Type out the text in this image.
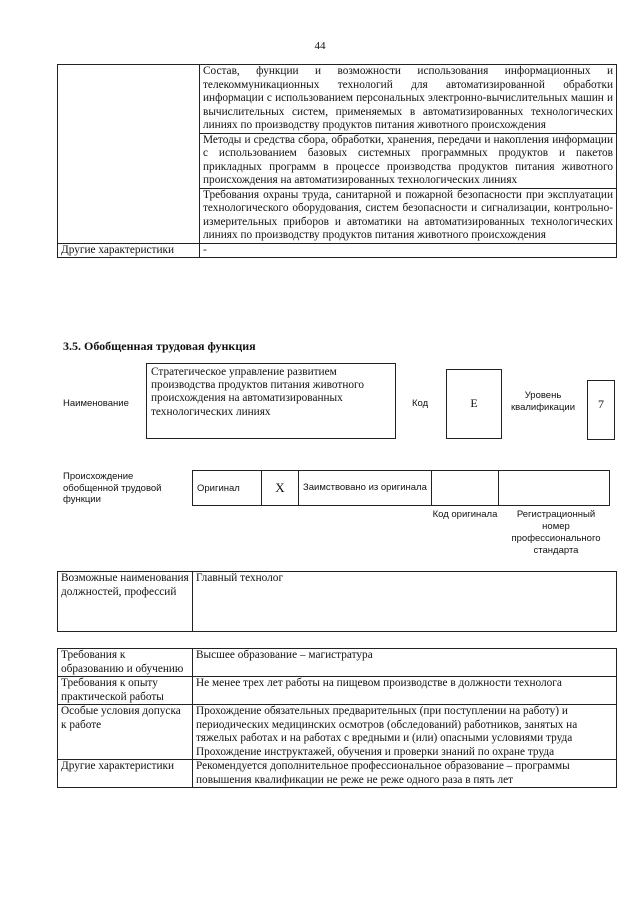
44
	Состав, функции и возможности использования информационных и телекоммуникационных технологий для автоматизированной обработки информации с использованием персональных электронно-вычислительных машин и вычислительных систем, применяемых в автоматизированных технологических линиях по производству продуктов питания животного происхождения
	Методы и средства сбора, обработки, хранения, передачи и накопления информации с использованием базовых системных программных продуктов и пакетов прикладных программ в процессе производства продуктов питания животного происхождения на автоматизированных технологических линиях
	Требования охраны труда, санитарной и пожарной безопасности при эксплуатации технологического оборудования, систем безопасности и сигнализации, контрольно-измерительных приборов и автоматики на автоматизированных технологических линиях по производству продуктов питания животного происхождения
Другие характеристики	-
3.5. Обобщенная трудовая функция
Наименование
Стратегическое управление развитием производства продуктов питания животного происхождения на автоматизированных технологических линиях
Код	Е
Уровень квалификации	7
Происхождение обобщенной трудовой функции
Оригинал	X	Заимствовано из оригинала		
Код оригинала	Регистрационный номер профессионального стандарта
Возможные наименования должностей, профессий	Главный технолог
Требования к образованию и обучению	Высшее образование – магистратура

Требования к опыту практической работы	Не менее трех лет работы на пищевом производстве в должности технолога

Особые условия допуска к работе	Прохождение обязательных предварительных (при поступлении на работу) и периодических медицинских осмотров (обследований) работников, занятых на тяжелых работах и на работах с вредными и (или) опасными условиями труда
Прохождение инструктажей, обучения и проверки знаний по охране труда

Другие характеристики	Рекомендуется дополнительное профессиональное образование – программы повышения квалификации не реже не реже одного раза в пять лет
